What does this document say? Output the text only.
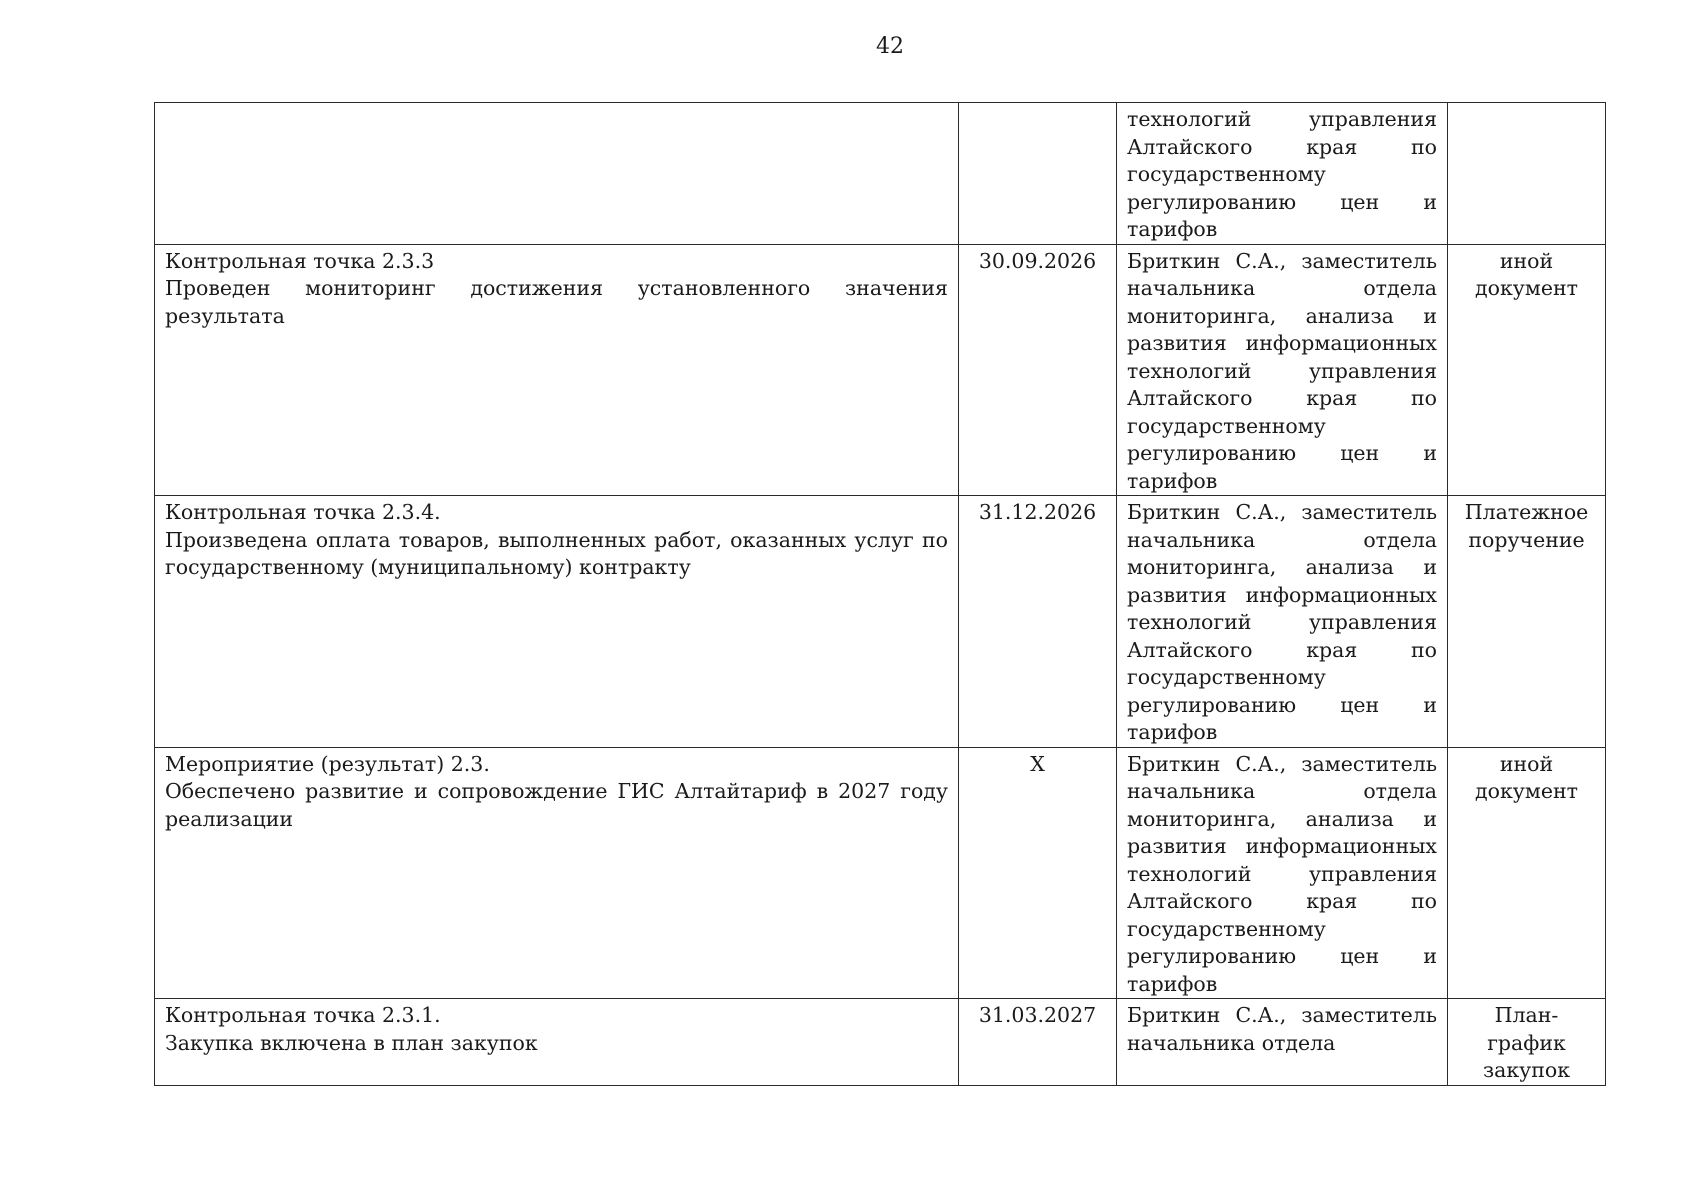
42

		технологий управления Алтайского края по государственному регулированию цен и тарифов	

Контрольная точка 2.3.3
Проведен мониторинг достижения установленного значения результата	30.09.2026	Бриткин С.А., заместитель начальника отдела мониторинга, анализа и развития информационных технологий управления Алтайского края по государственному регулированию цен и тарифов	иной документ

Контрольная точка 2.3.4.
Произведена оплата товаров, выполненных работ, оказанных услуг по государственному (муниципальному) контракту	31.12.2026	Бриткин С.А., заместитель начальника отдела мониторинга, анализа и развития информационных технологий управления Алтайского края по государственному регулированию цен и тарифов	Платежное поручение

Мероприятие (результат) 2.3.
Обеспечено развитие и сопровождение ГИС Алтайтариф в 2027 году реализации	X	Бриткин С.А., заместитель начальника отдела мониторинга, анализа и развития информационных технологий управления Алтайского края по государственному регулированию цен и тарифов	иной документ

Контрольная точка 2.3.1.
Закупка включена в план закупок	31.03.2027	Бриткин С.А., заместитель начальника отдела	План-график закупок
